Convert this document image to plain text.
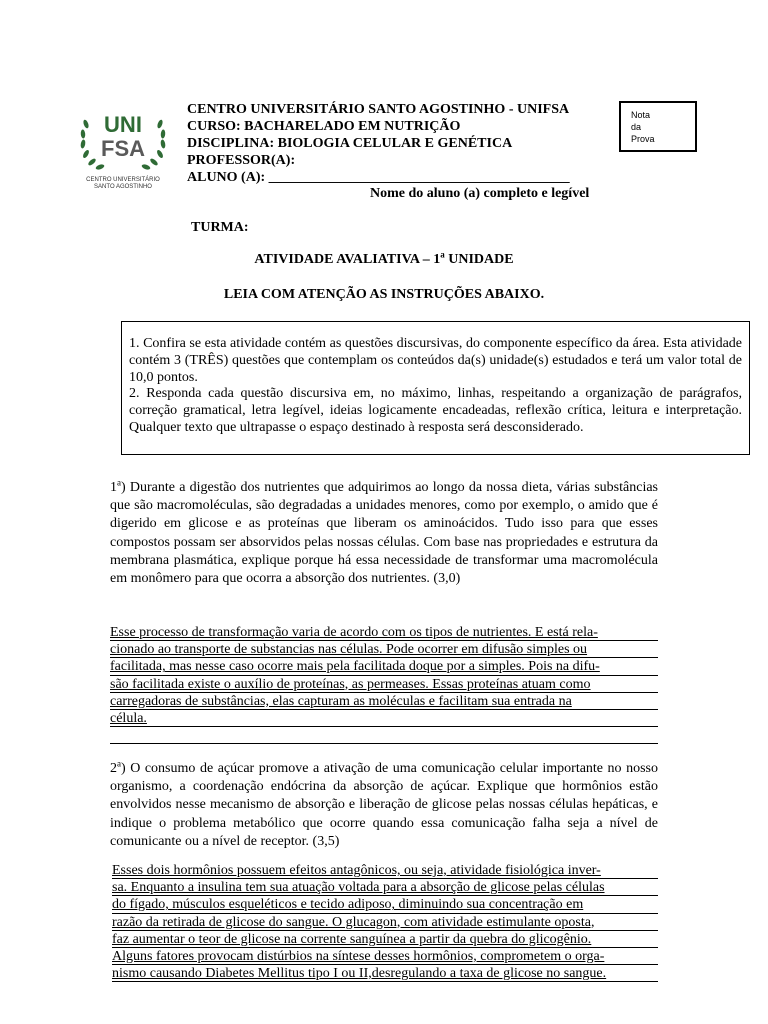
UNI
FSA
CENTRO UNIVERSITÁRIO
SANTO AGOSTINHO
CENTRO UNIVERSITÁRIO SANTO AGOSTINHO - UNIFSA
CURSO: BACHARELADO EM NUTRIÇÃO
DISCIPLINA: BIOLOGIA CELULAR E GENÉTICA
PROFESSOR(A):
ALUNO (A): ___________________________________________
Nome do aluno (a) completo e legível
Nota
da
Prova
TURMA:
ATIVIDADE AVALIATIVA – 1$^a$ UNIDADE
LEIA COM ATENÇÃO AS INSTRUÇÕES ABAIXO.

1. Confira se esta atividade contém as questões discursivas, do componente específico da área. Esta atividade contém 3 (TRÊS) questões que contemplam os conteúdos da(s) unidade(s) estudados e terá um valor total de 10,0 pontos.

2. Responda cada questão discursiva em, no máximo, linhas, respeitando a organização de parágrafos, correção gramatical, letra legível, ideias logicamente encadeadas, reflexão crítica, leitura e interpretação. Qualquer texto que ultrapasse o espaço destinado à resposta será desconsiderado.

1$^a$) Durante a digestão dos nutrientes que adquirimos ao longo da nossa dieta, várias substâncias que são macromoléculas, são degradadas a unidades menores, como por exemplo, o amido que é digerido em glicose e as proteínas que liberam os aminoácidos. Tudo isso para que esses compostos possam ser absorvidos pelas nossas células. Com base nas propriedades e estrutura da membrana plasmática, explique porque há essa necessidade de transformar uma macromolécula em monômero para que ocorra a absorção dos nutrientes. (3,0)

Esse processo de transformação varia de acordo com os tipos de nutrientes. E está rela-
cionado ao transporte de substancias nas células. Pode ocorrer em difusão simples ou
facilitada, mas nesse caso ocorre mais pela facilitada doque por a simples. Pois na difu-
são facilitada existe o auxílio de proteínas, as permeases. Essas proteínas atuam como
carregadoras de substâncias, elas capturam as moléculas e facilitam sua entrada na
célula.

2$^a$) O consumo de açúcar promove a ativação de uma comunicação celular importante no nosso organismo, a coordenação endócrina da absorção de açúcar. Explique que hormônios estão envolvidos nesse mecanismo de absorção e liberação de glicose pelas nossas células hepáticas, e indique o problema metabólico que ocorre quando essa comunicação falha seja a nível de comunicante ou a nível de receptor. (3,5)

Esses dois hormônios possuem efeitos antagônicos, ou seja, atividade fisiológica inver-
sa. Enquanto a insulina tem sua atuação voltada para a absorção de glicose pelas células
do fígado, músculos esqueléticos e tecido adiposo, diminuindo sua concentração em
razão da retirada de glicose do sangue. O glucagon, com atividade estimulante oposta,
faz aumentar o teor de glicose na corrente sanguínea a partir da quebra do glicogênio.
Alguns fatores provocam distúrbios na síntese desses hormônios, comprometem o orga-
nismo causando Diabetes Mellitus tipo I ou II,desregulando a taxa de glicose no sangue.
